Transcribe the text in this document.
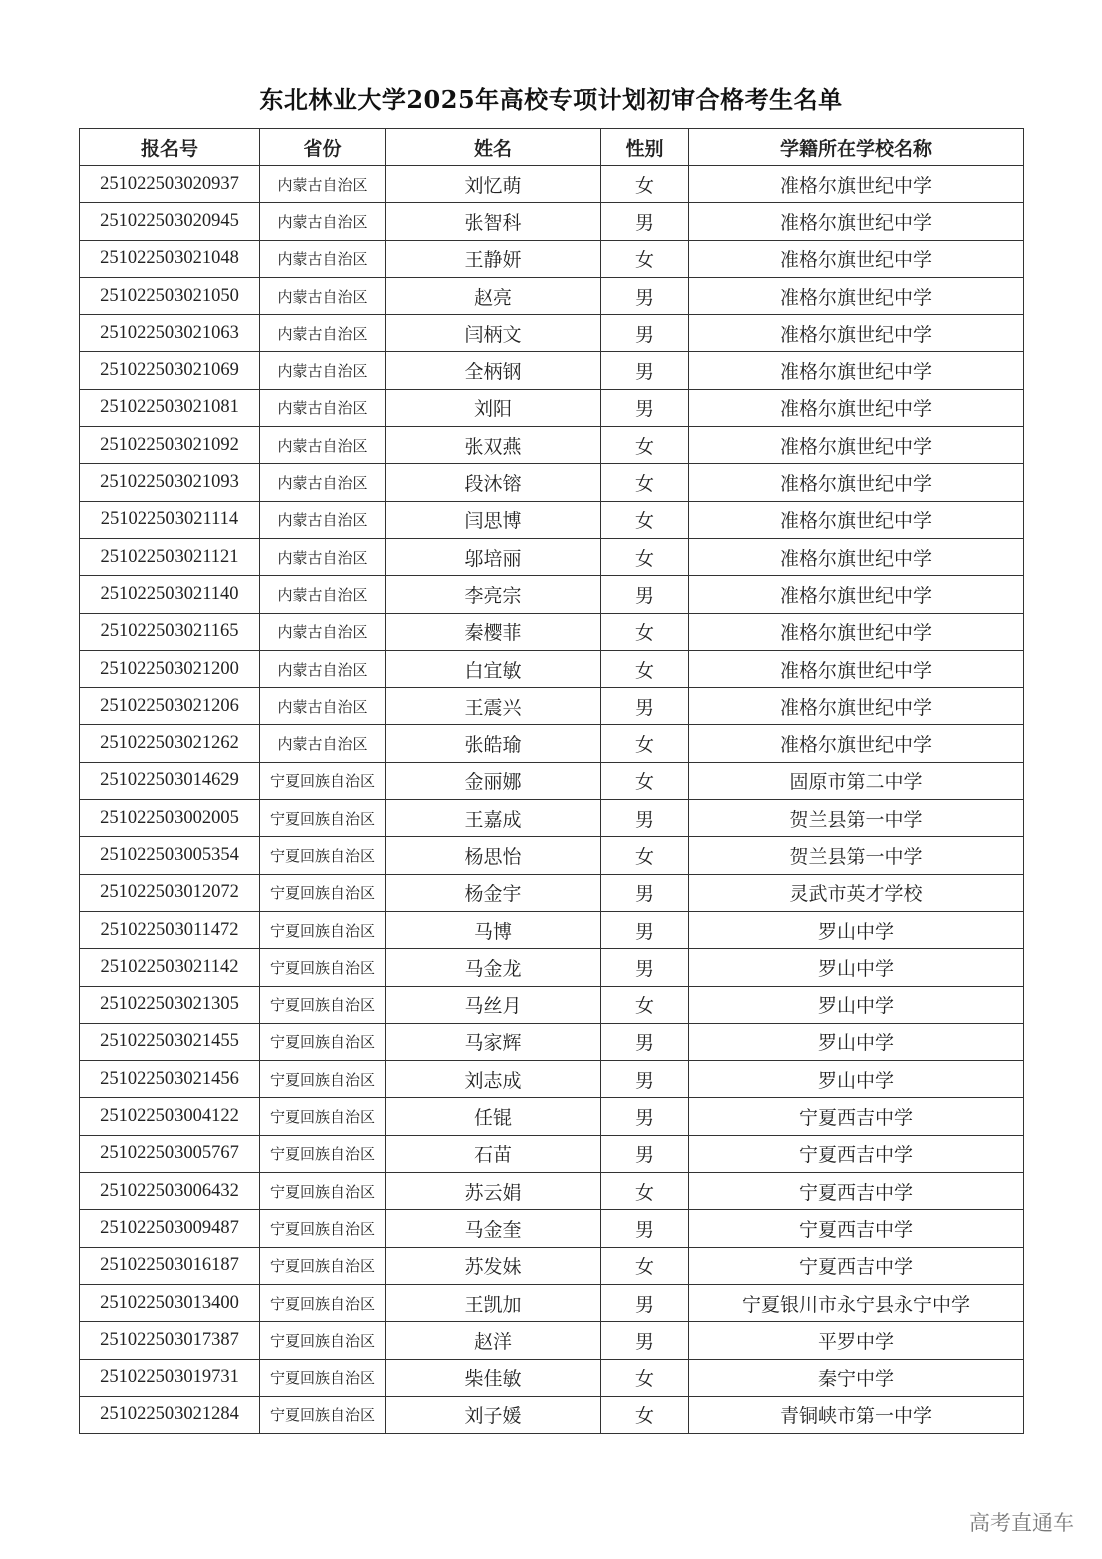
东北林业大学2025年高校专项计划初审合格考生名单
报名号	省份	姓名	性别	学籍所在学校名称
251022503020937	内蒙古自治区	刘忆萌	女	准格尔旗世纪中学
251022503020945	内蒙古自治区	张智科	男	准格尔旗世纪中学
251022503021048	内蒙古自治区	王静妍	女	准格尔旗世纪中学
251022503021050	内蒙古自治区	赵亮	男	准格尔旗世纪中学
251022503021063	内蒙古自治区	闫柄文	男	准格尔旗世纪中学
251022503021069	内蒙古自治区	全柄钢	男	准格尔旗世纪中学
251022503021081	内蒙古自治区	刘阳	男	准格尔旗世纪中学
251022503021092	内蒙古自治区	张双燕	女	准格尔旗世纪中学
251022503021093	内蒙古自治区	段沐镕	女	准格尔旗世纪中学
251022503021114	内蒙古自治区	闫思博	女	准格尔旗世纪中学
251022503021121	内蒙古自治区	邬培丽	女	准格尔旗世纪中学
251022503021140	内蒙古自治区	李亮宗	男	准格尔旗世纪中学
251022503021165	内蒙古自治区	秦樱菲	女	准格尔旗世纪中学
251022503021200	内蒙古自治区	白宜敏	女	准格尔旗世纪中学
251022503021206	内蒙古自治区	王震兴	男	准格尔旗世纪中学
251022503021262	内蒙古自治区	张皓瑜	女	准格尔旗世纪中学
251022503014629	宁夏回族自治区	金丽娜	女	固原市第二中学
251022503002005	宁夏回族自治区	王嘉成	男	贺兰县第一中学
251022503005354	宁夏回族自治区	杨思怡	女	贺兰县第一中学
251022503012072	宁夏回族自治区	杨金宇	男	灵武市英才学校
251022503011472	宁夏回族自治区	马博	男	罗山中学
251022503021142	宁夏回族自治区	马金龙	男	罗山中学
251022503021305	宁夏回族自治区	马丝月	女	罗山中学
251022503021455	宁夏回族自治区	马家辉	男	罗山中学
251022503021456	宁夏回族自治区	刘志成	男	罗山中学
251022503004122	宁夏回族自治区	任锟	男	宁夏西吉中学
251022503005767	宁夏回族自治区	石苗	男	宁夏西吉中学
251022503006432	宁夏回族自治区	苏云娟	女	宁夏西吉中学
251022503009487	宁夏回族自治区	马金奎	男	宁夏西吉中学
251022503016187	宁夏回族自治区	苏发妹	女	宁夏西吉中学
251022503013400	宁夏回族自治区	王凯加	男	宁夏银川市永宁县永宁中学
251022503017387	宁夏回族自治区	赵洋	男	平罗中学
251022503019731	宁夏回族自治区	柴佳敏	女	秦宁中学
251022503021284	宁夏回族自治区	刘子媛	女	青铜峡市第一中学
高考直通车
